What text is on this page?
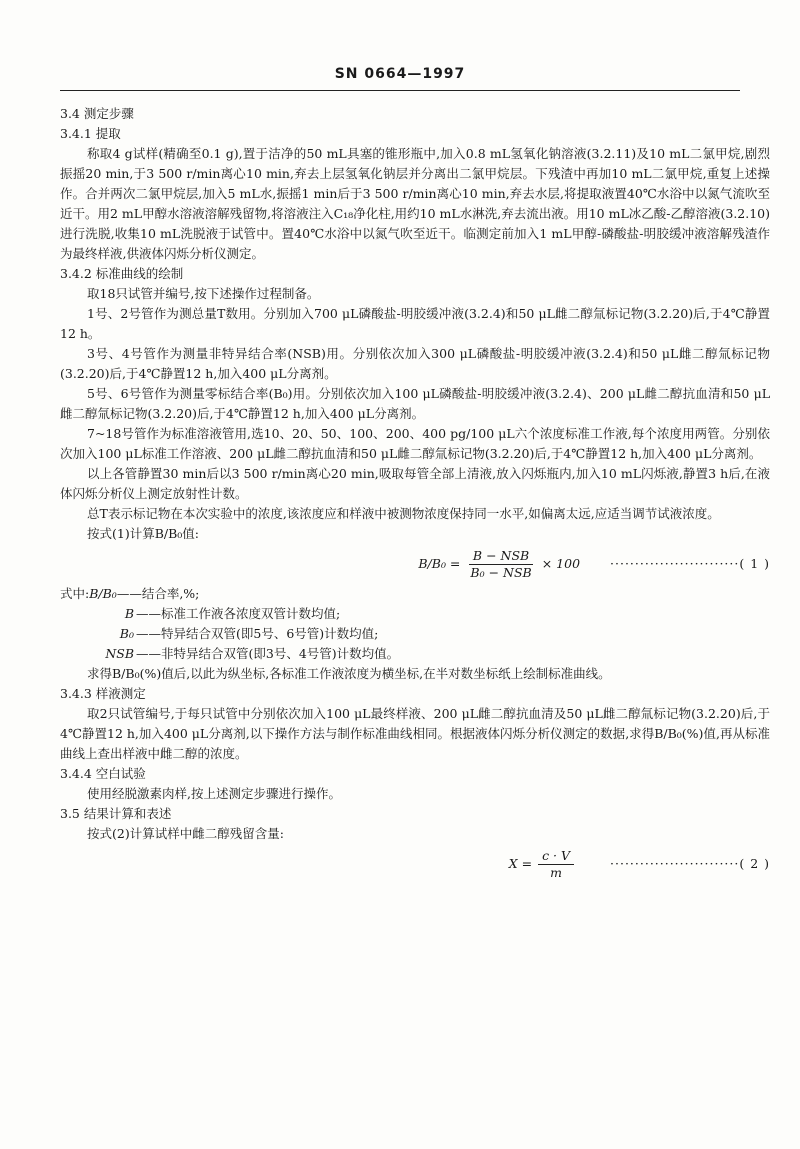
SN 0664—1997

3.4 测定步骤

3.4.1 提取

称取4 g试样(精确至0.1 g),置于洁净的50 mL具塞的锥形瓶中,加入0.8 mL氢氧化钠溶液(3.2.11)及10 mL二氯甲烷,剧烈振摇20 min,于3 500 r/min离心10 min,弃去上层氢氧化钠层并分离出二氯甲烷层。下残渣中再加10 mL二氯甲烷,重复上述操作。合并两次二氯甲烷层,加入5 mL水,振摇1 min后于3 500 r/min离心10 min,弃去水层,将提取液置40℃水浴中以氮气流吹至近干。用2 mL甲醇水溶液溶解残留物,将溶液注入C₁₈净化柱,用约10 mL水淋洗,弃去流出液。用10 mL冰乙酸-乙醇溶液(3.2.10)进行洗脱,收集10 mL洗脱液于试管中。置40℃水浴中以氮气吹至近干。临测定前加入1 mL甲醇-磷酸盐-明胶缓冲液溶解残渣作为最终样液,供液体闪烁分析仪测定。

3.4.2 标准曲线的绘制

取18只试管并编号,按下述操作过程制备。

1号、2号管作为测总量T数用。分别加入700 μL磷酸盐-明胶缓冲液(3.2.4)和50 μL雌二醇氚标记物(3.2.20)后,于4℃静置12 h。

3号、4号管作为测量非特异结合率(NSB)用。分别依次加入300 μL磷酸盐-明胶缓冲液(3.2.4)和50 μL雌二醇氚标记物(3.2.20)后,于4℃静置12 h,加入400 μL分离剂。

5号、6号管作为测量零标结合率(B₀)用。分别依次加入100 μL磷酸盐-明胶缓冲液(3.2.4)、200 μL雌二醇抗血清和50 μL雌二醇氚标记物(3.2.20)后,于4℃静置12 h,加入400 μL分离剂。

7~18号管作为标准溶液管用,选10、20、50、100、200、400 pg/100 μL六个浓度标准工作液,每个浓度用两管。分别依次加入100 μL标准工作溶液、200 μL雌二醇抗血清和50 μL雌二醇氚标记物(3.2.20)后,于4℃静置12 h,加入400 μL分离剂。

以上各管静置30 min后以3 500 r/min离心20 min,吸取每管全部上清液,放入闪烁瓶内,加入10 mL闪烁液,静置3 h后,在液体闪烁分析仪上测定放射性计数。

总T表示标记物在本次实验中的浓度,该浓度应和样液中被测物浓度保持同一水平,如偏离太远,应适当调节试液浓度。

按式(1)计算B/B₀值:

$B/B_0 = \frac{\text{B − NSB}}{\text{B₀ − NSB}} \times 100$ ··························( 1 )
式中: B/B₀ ——结合率,%;
B ——标准工作液各浓度双管计数均值;
B₀ ——特异结合双管(即5号、6号管)计数均值;
NSB ——非特异结合双管(即3号、4号管)计数均值。

求得B/B₀(%)值后,以此为纵坐标,各标准工作液浓度为横坐标,在半对数坐标纸上绘制标准曲线。

3.4.3 样液测定

取2只试管编号,于每只试管中分别依次加入100 μL最终样液、200 μL雌二醇抗血清及50 μL雌二醇氚标记物(3.2.20)后,于4℃静置12 h,加入400 μL分离剂,以下操作方法与制作标准曲线相同。根据液体闪烁分析仪测定的数据,求得B/B₀(%)值,再从标准曲线上查出样液中雌二醇的浓度。

3.4.4 空白试验

使用经脱激素肉样,按上述测定步骤进行操作。

3.5 结果计算和表述

按式(2)计算试样中雌二醇残留含量:

$X = \frac{c \cdot V}{m}$	··························( 2 )
